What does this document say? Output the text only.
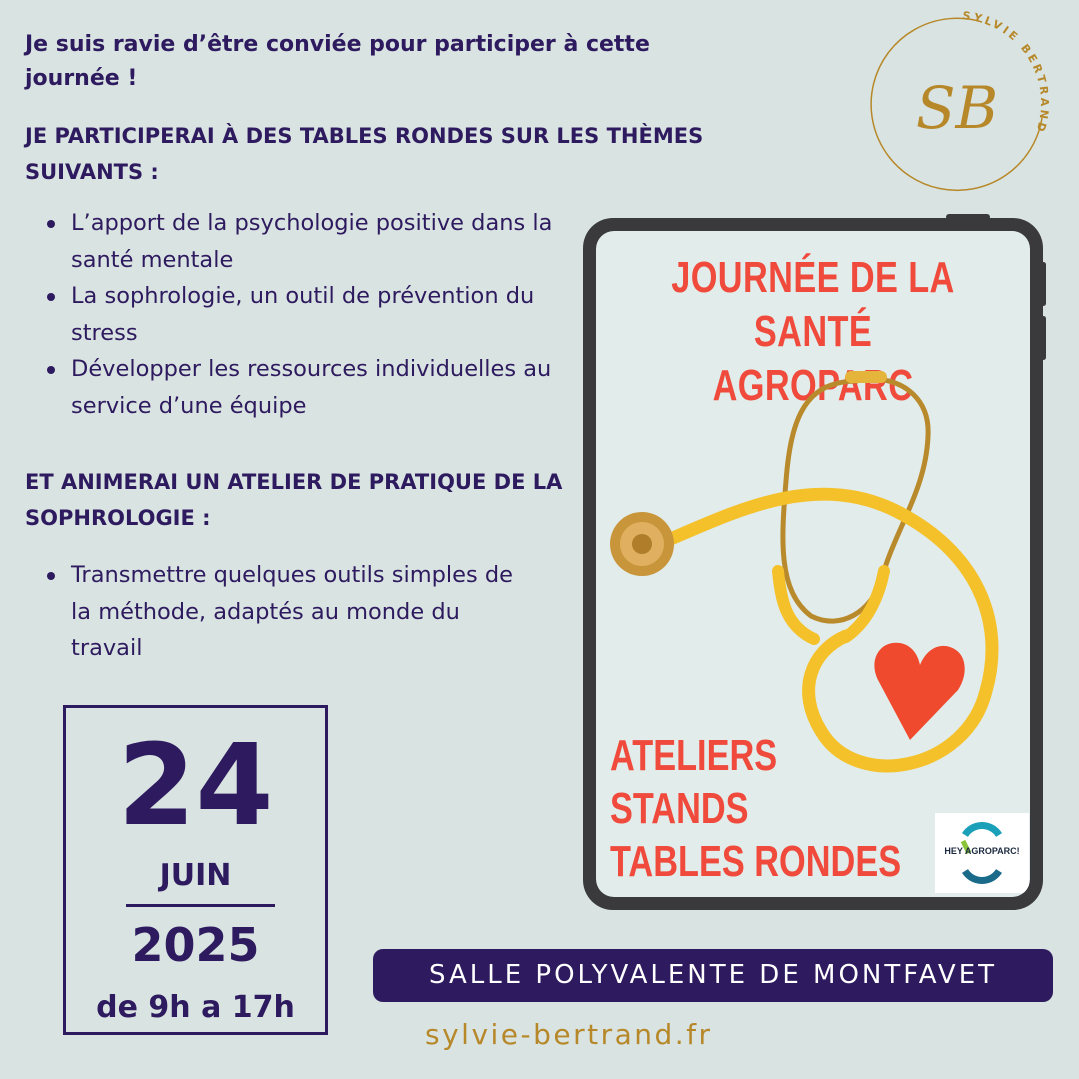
Je suis ravie d’être conviée pour participer à cette journée !
JE PARTICIPERAI À DES TABLES RONDES SUR LES THÈMES SUIVANTS :
L’apport de la psychologie positive dans la santé mentale
La sophrologie, un outil de prévention du stress
Développer les ressources individuelles au service d’une équipe
ET ANIMERAI UN ATELIER DE PRATIQUE DE LA SOPHROLOGIE :
Transmettre quelques outils simples de la méthode, adaptés au monde du travail
24
JUIN
2025
de 9h a 17h
SYLVIE BERTRAND
SB
JOURNÉE DE LA SANTÉ
AGROPARC
ATELIERS
STANDS
TABLES RONDES	HEY AGROPARC!
SALLE POLYVALENTE DE MONTFAVET
sylvie-bertrand.fr
